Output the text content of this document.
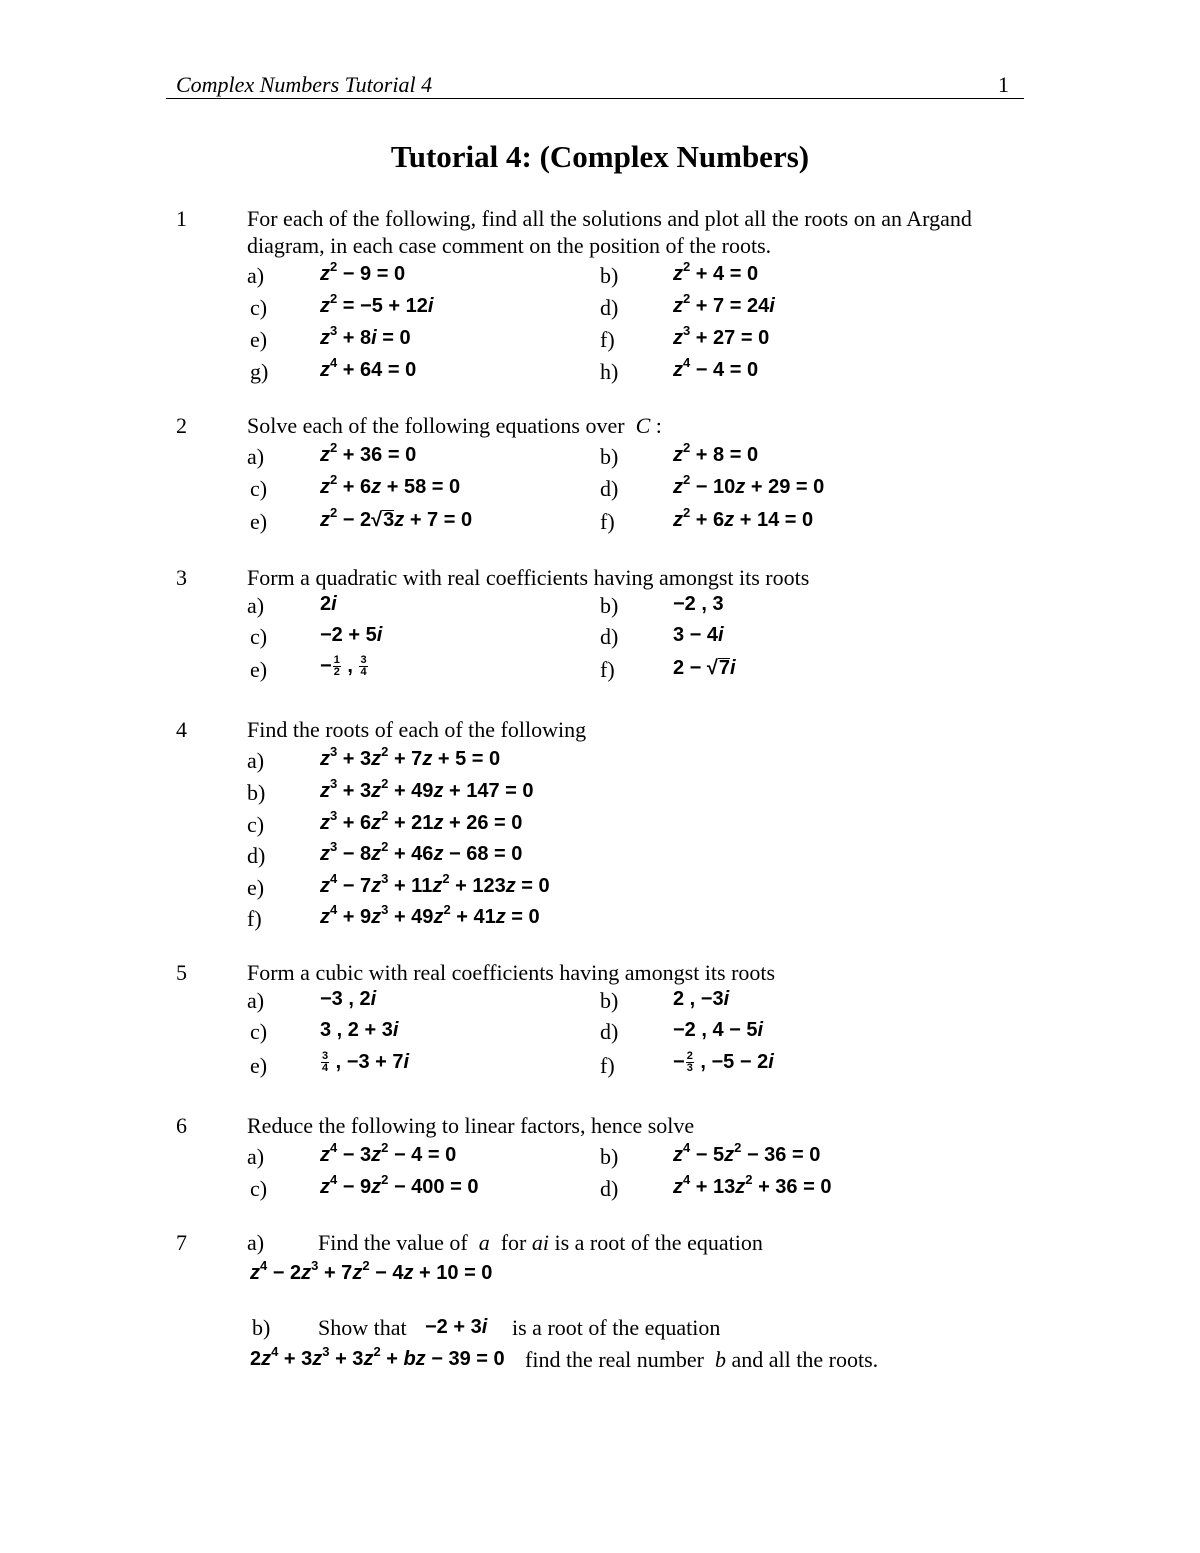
Complex Numbers Tutorial 4	1
Tutorial 4: (Complex Numbers)
1	For each of the following, find all the solutions and plot all the roots on an Argand
diagram, in each case comment on the position of the roots.
a)	$z^2 - 9 = 0$	b)	$z^2 + 4 = 0$
c)	$z^2 = -5 + 12i$	d)	$z^2 + 7 = 24i$
e)	$z^3 + 8i = 0$	f)	$z^3 + 27 = 0$
g)	$z^4 + 64 = 0$	h)	$z^4 - 4 = 0$
2	Solve each of the following equations over C :
a)	$z^2 + 36 = 0$	b)	$z^2 + 8 = 0$
c)	$z^2 + 6z + 58 = 0$	d)	$z^2 - 10z + 29 = 0$
e)	$z^2 - 2√3z + 7 = 0$	f)	$z^2 + 6z + 14 = 0$
3	Form a quadratic with real coefficients having amongst its roots
a)	2i	b)	−2 , 3
c)	−2 + 5i	d)	3 − 4i
e)	− $\frac{1}{2}$ , $\frac{3}{4}$	f)	2 − √7i
4	Find the roots of each of the following
a)	$z^3 + 3z^2 + 7z + 5 = 0$
b)	$z^3 + 3z^2 + 49z + 147 = 0$
c)	$z^3 + 6z^2 + 21z + 26 = 0$
d)	$z^3 - 8z^2 + 46z - 68 = 0$
e)	$z^4 - 7z^3 + 11z^2 + 123z = 0$
f)	$z^4 + 9z^3 + 49z^2 + 41z = 0$
5	Form a cubic with real coefficients having amongst its roots
a)	−3 , 2i	b)	2 , −3i
c)	3 , 2 + 3i	d)	−2 , 4 − 5i
e)	$\frac{3}{4}$ , −3 + 7i	f)	− $\frac{2}{3}$ , −5 − 2i
6	Reduce the following to linear factors, hence solve
a)	$z^4 - 3z^2 - 4 = 0$	b)	$z^4 - 5z^2 - 36 = 0$
c)	$z^4 - 9z^2 - 400 = 0$	d)	$z^4 + 13z^2 + 36 = 0$
7	a) Find the value of a for ai is a root of the equation
$z^4 - 2z^3 + 7z^2 - 4z + 10 = 0$
b) Show that −2 + 3i is a root of the equation
$2z^4 + 3z^3 + 3z^2$ + bz − 39 = 0 find the real number b and all the roots.
